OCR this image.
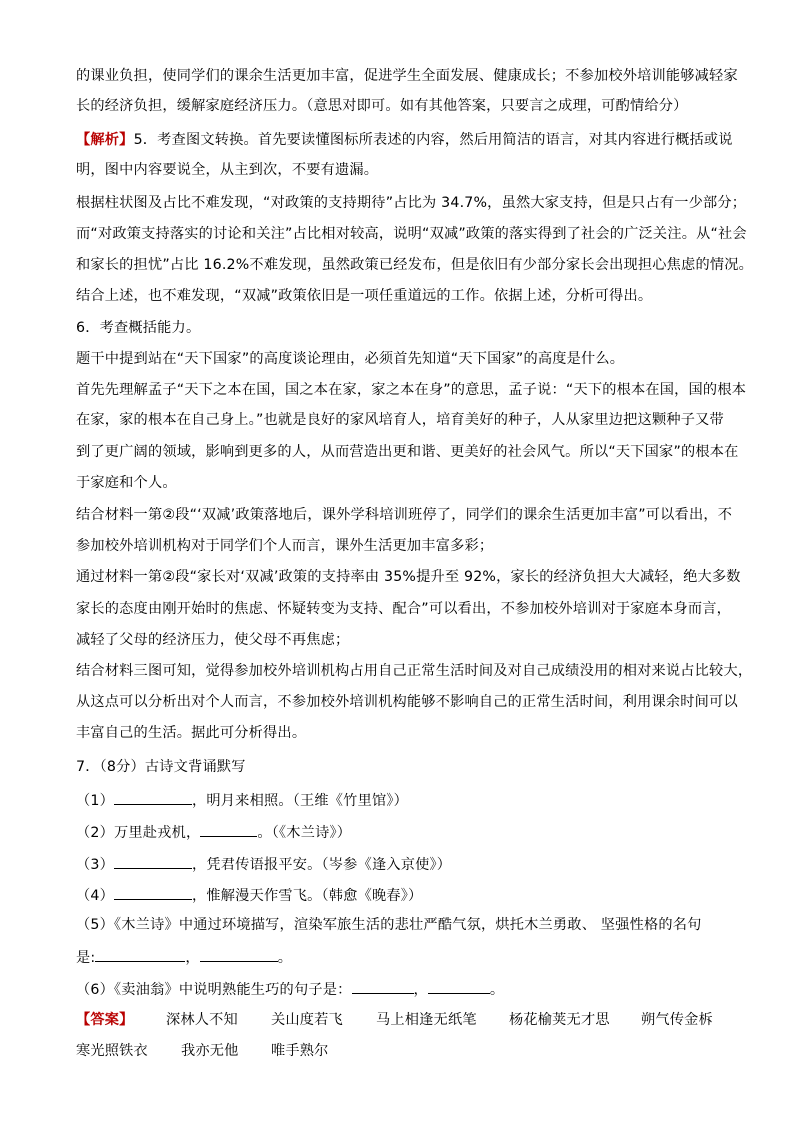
的课业负担，使同学们的课余生活更加丰富，促进学生全面发展、健康成长；不参加校外培训能够减轻家
长的经济负担，缓解家庭经济压力。（意思对即可。如有其他答案，只要言之成理，可酌情给分）
【解析】5．考查图文转换。首先要读懂图标所表述的内容，然后用简洁的语言，对其内容进行概括或说
明，图中内容要说全，从主到次，不要有遗漏。
根据柱状图及占比不难发现，“对政策的支持期待”占比为 34.7%，虽然大家支持，但是只占有一少部分；
而“对政策支持落实的讨论和关注”占比相对较高，说明“双减”政策的落实得到了社会的广泛关注。从“社会
和家长的担忧”占比 16.2%不难发现，虽然政策已经发布，但是依旧有少部分家长会出现担心焦虑的情况。
结合上述，也不难发现，“双减”政策依旧是一项任重道远的工作。依据上述，分析可得出。
6．考查概括能力。
题干中提到站在“天下国家”的高度谈论理由，必须首先知道“天下国家”的高度是什么。
首先先理解孟子“天下之本在国，国之本在家，家之本在身”的意思，孟子说：“天下的根本在国，国的根本
在家，家的根本在自己身上。”也就是良好的家风培育人，培育美好的种子，人从家里边把这颗种子又带
到了更广阔的领域，影响到更多的人，从而营造出更和谐、更美好的社会风气。所以“天下国家”的根本在
于家庭和个人。
结合材料一第②段“‘双减’政策落地后，课外学科培训班停了，同学们的课余生活更加丰富”可以看出，不
参加校外培训机构对于同学们个人而言，课外生活更加丰富多彩；
通过材料一第②段“家长对‘双减’政策的支持率由 35%提升至 92%，家长的经济负担大大减轻，绝大多数
家长的态度由刚开始时的焦虑、怀疑转变为支持、配合”可以看出，不参加校外培训对于家庭本身而言，
减轻了父母的经济压力，使父母不再焦虑；
结合材料三图可知，觉得参加校外培训机构占用自己正常生活时间及对自己成绩没用的相对来说占比较大，
从这点可以分析出对个人而言，不参加校外培训机构能够不影响自己的正常生活时间，利用课余时间可以
丰富自己的生活。据此可分析得出。
7．（8分）古诗文背诵默写
（1）	，明月来相照。（王维《竹里馆》）
（2）万里赴戎机，	。（《木兰诗》）
（3）	，凭君传语报平安。（岑参《逢入京使》）
（4）	，惟解漫天作雪飞。（韩愈《晚春》）
（5）《木兰诗》中通过环境描写，渲染军旅生活的悲壮严酷气氛，烘托木兰勇敢、 坚强性格的名句
是:	，	。
（6）《卖油翁》中说明熟能生巧的句子是：	，	。
【答案】 深林人不知 关山度若飞 马上相逢无纸笔 杨花榆荚无才思 朔气传金柝
寒光照铁衣 我亦无他 唯手熟尔
